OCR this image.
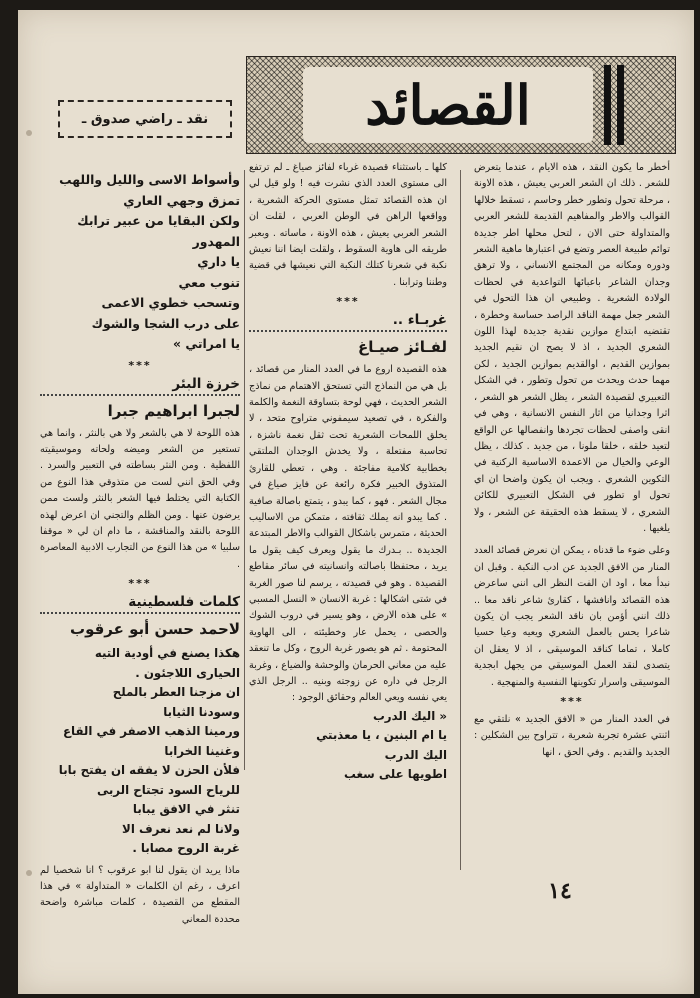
القصائد
نقد ـ راضي صدوق ـ

أخطر ما يكون النقد ، هذه الايام ، عندما يتعرض للشعر . ذلك ان الشعر العربي يعيش ، هذه الاونة ، مرحلة تحول وتطور خطر وحاسم ، تسقط خلالها القوالب والاطر والمفاهيم القديمة للشعر العربي والمتداولة حتى الان ، لتحل محلها اطر جديدة توائم طبيعة العصر وتضع في اعتبارها ماهية الشعر ودوره ومكانه من المجتمع الانساني ، ولا ترهق وجدان الشاعر باعبائها التواعدية في لحظات الولادة الشعرية . وطبيعي ان هذا التحول في الشعر جعل مهمة الناقد الراصد حساسة وخطرة ، تقتضيه ابتداع موازين نقدية جديدة لهذا اللون الشعري الجديد ، اذ لا يصح ان نقيم الجديد بموازين القديم ، اوالقديم بموازين الجديد ، لكن مهما حدث ويحدث من تحول وتطور ، في الشكل التعبيري لقصيدة الشعر ، يظل الشعر هو الشعر ، اثرا وجدانيا من اثار النفس الانسانية ، وهي في انقى واصفى لحظات تجردها وانفصالها عن الواقع لتعيد خلقه ، خلقا ملونا ، من جديد . كذلك ، يظل الوعي والخيال من الاعمدة الاساسية الركنية في التكوين الشعري . ويجب ان يكون واضحا ان اي تحول او تطور في الشكل التعبيري للكائن الشعري ، لا يسقط هذه الحقيقة عن الشعر ، ولا يلغيها .

وعلى ضوء ما قدناه ، يمكن ان نعرض قصائد العدد المنار من الافق الجديد عن ادب النكبة . وقبل ان نبدأ معا ، اود ان الفت النظر الى انني ساعرض هذه القصائد وانافشها ، كقارئ شاعر ناقد معا .. ذلك انني أؤمن بان ناقد الشعر يجب ان يكون شاعرا يحس بالعمل الشعري ويعيه وعيا حسيا كاملا ، تماما كناقد الموسيقى ، اذ لا يعقل ان يتصدى لنقد العمل الموسيقي من يجهل ابجدية الموسيقى واسرار تكوينها النفسية والمنهجية .

***

في العدد المنار من « الافق الجديد » نلتقي مع اثنتي عشرة تجربة شعرية ، تتراوح بين الشكلين : الجديد والقديم . وفي الحق ، انها

كلها ـ باستثناء قصيدة غرباء لفائز صياغ ـ لم ترتفع الى مستوى العدد الذي نشرت فيه ! ولو قيل لي ان هذه القصائد تمثل مستوى الحركة الشعرية ، وواقعها الراهن في الوطن العربي ، لقلت ان الشعر العربي يعيش ، هذه الاونة ، ماساته . وبعبر طريقه الى هاوية السقوط ، ولقلت ايضا اننا نعيش نكبة في شعرنا كتلك النكبة التي نعيشها في قضية وطننا وترابنا .

***
غربـاء ..
لفـائز صيـاغ

هذه القصيدة اروع ما في العدد المنار من قصائد ، بل هي من النماذج التي تستحق الاهتمام من نماذج الشعر الحديث ، فهي لوحة بتساوقة النغمة والكلمة والفكرة ، في تصعيد سيمفوني متراوح متحد ، لا يخلق اللمحات الشعرية تحت ثقل نغمة ناشزة ، تحاسبة مفتعلة ، ولا يخدش الوجدان الملتقي بخطابية كلامية مفاجئة . وهي ، تعطي للقارئ المتذوق الخبير فكرة رائعة عن فايز صياغ في مجال الشعر . فهو ، كما يبدو ، يتمتع باصالة صافية . كما يبدو انه يملك ثقافته ، متمكن من الاساليب الحديثة ، متمرس باشكال القوالب والاطر المبتدعة الجديدة .. بـدرك ما يقول ويعرف كيف يقول ما يريد ، محتفظا باصالته وانسانيته في سائر مقاطع القصيدة . وهو في قصيدته ، يرسم لنا صور الغربة في شتى اشكالها : غربة الانسان « النسل المسبي » على هذه الارض ، وهو يسير في دروب الشوك والحصى ، يحمل عار وخطيئته ، الى الهاوية المحتومة . ثم هو يصور غربة الروح ، وكل ما تنعقد عليه من معاني الحرمان والوحشة والضياع ، وغربة الرجل في داره عن زوجته وبنيه .. الرجل الذي يعي نفسه ويعي العالم وحقائق الوجود :

« اليك الدرب

يا ام البنين ، يا معذبتي

اليك الدرب

اطويها على سغب

وأسواط الاسى والليل واللهب

تمزق وجهي العاري

ولكن البقايا من عبير ترابك المهدور

يا داري

تنوب معي

وتسحب خطوي الاعمى

على درب الشجا والشوك

يا امراتي »

***
خرزة البئر
لجبرا ابراهيم جبرا

هذه اللوحة لا هي بالشعر ولا هي بالنثر ، وانما هي تستعير من الشعر وميضه ولحاته وموسيقيته اللفظية . ومن النثر بساطته في التعبير والسرد . وفي الحق انني لست من متذوقي هذا النوع من الكتابة التي يختلط فيها الشعر بالنثر ولست ممن يرضون عنها . ومن الظلم والتجني ان اعرض لهذه اللوحة بالنقد والمناقشة ، ما دام ان لي « موقفا سلبيا » من هذا النوع من التجارب الادبية المعاصرة .

***
كلمات فلسطينية
لاحمد حسن أبو عرقوب

هكذا يصنع في أودية التيه

الحيارى اللاجئون .

ان مزجنا العطر بالملح

وسودنا الثيابا

ورمينا الذهب الاصفر في القاع

وغنينا الخرابا

فلأن الحزن لا يفقه ان يفتح بابا

للرياح السود تجتاح الربى

تنثر في الافق يبابا

ولانا لم نعد نعرف الا

غربة الروح مصابا .

ماذا يريد ان يقول لنا ابو عرقوب ؟ انا شخصيا لم اعرف ، رغم ان الكلمات « المتداولة » في هذا المقطع من القصيدة ، كلمات مباشرة واضحة محددة المعاني

١٤
